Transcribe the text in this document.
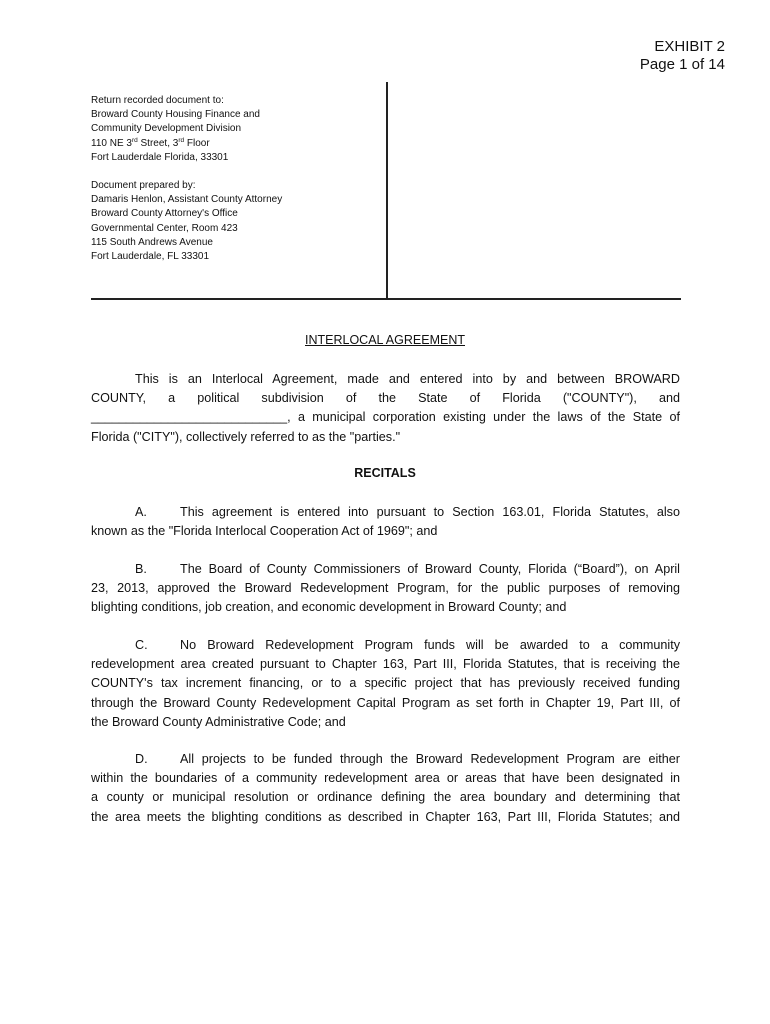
EXHIBIT 2
Page 1 of 14
Return recorded document to:
Broward County Housing Finance and
Community Development Division
110 NE 3rd Street, 3rd Floor
Fort Lauderdale Florida, 33301
Document prepared by:
Damaris Henlon, Assistant County Attorney
Broward County Attorney's Office
Governmental Center, Room 423
115 South Andrews Avenue
Fort Lauderdale, FL 33301
INTERLOCAL AGREEMENT
This is an Interlocal Agreement, made and entered into by and between BROWARD
COUNTY, a political subdivision of the State of Florida ("COUNTY"), and
____________________________, a municipal corporation existing under the laws of the State of
Florida ("CITY"), collectively referred to as the "parties."
RECITALS
A.	This agreement is entered into pursuant to Section 163.01, Florida Statutes, also
known as the "Florida Interlocal Cooperation Act of 1969"; and
B.	The Board of County Commissioners of Broward County, Florida (“Board”), on April
23, 2013, approved the Broward Redevelopment Program, for the public purposes of removing
blighting conditions, job creation, and economic development in Broward County; and
C.	No Broward Redevelopment Program funds will be awarded to a community
redevelopment area created pursuant to Chapter 163, Part III, Florida Statutes, that is receiving the
COUNTY's tax increment financing, or to a specific project that has previously received funding
through the Broward County Redevelopment Capital Program as set forth in Chapter 19, Part III, of
the Broward County Administrative Code; and
D.	All projects to be funded through the Broward Redevelopment Program are either
within the boundaries of a community redevelopment area or areas that have been designated in
a county or municipal resolution or ordinance defining the area boundary and determining that
the area meets the blighting conditions as described in Chapter 163, Part III, Florida Statutes; and
